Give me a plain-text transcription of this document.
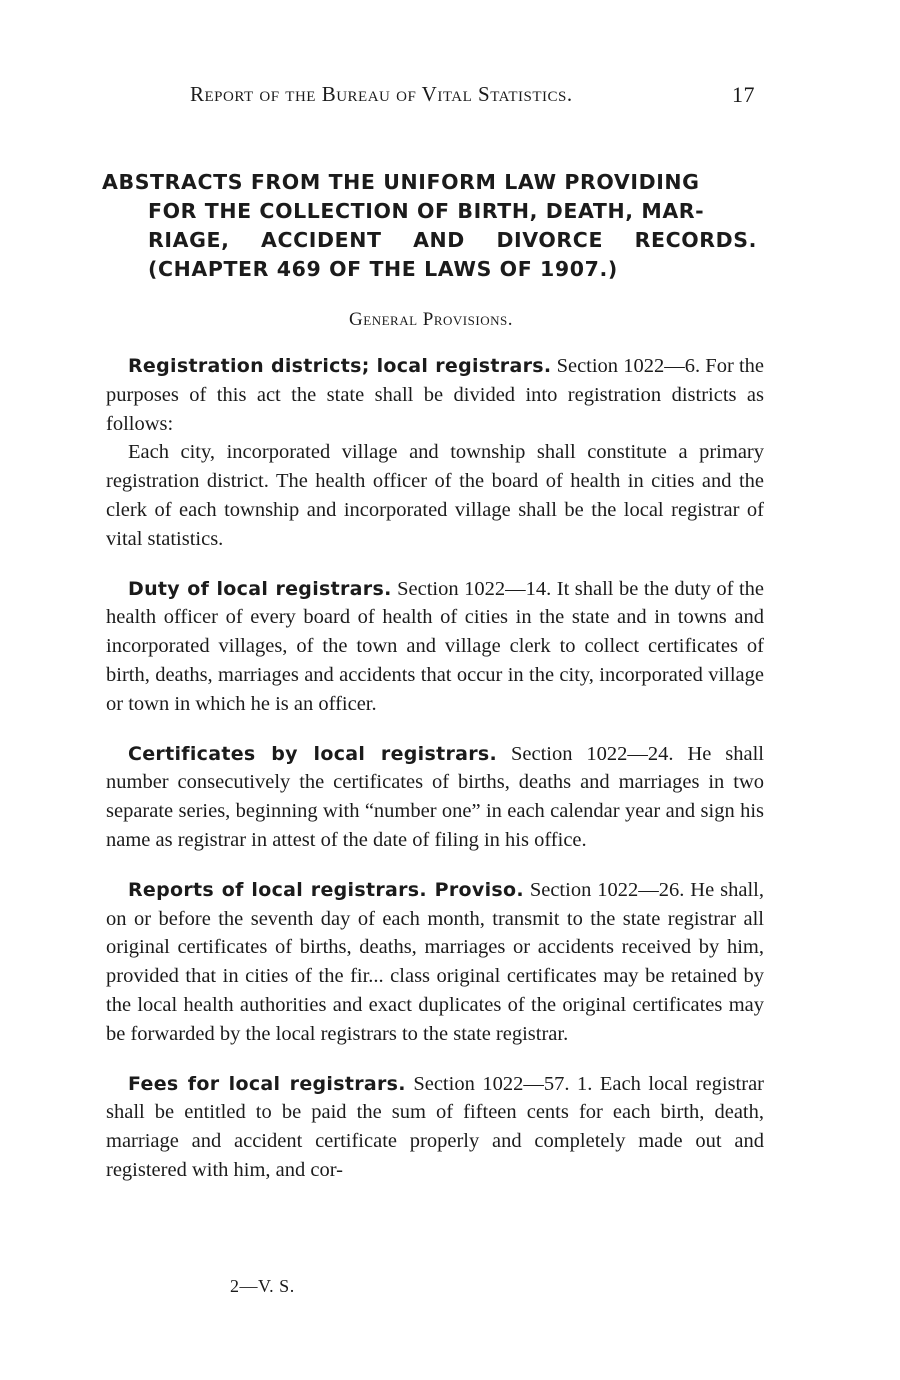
Report of the Bureau of Vital Statistics.	17
ABSTRACTS FROM THE UNIFORM LAW PROVIDING
FOR THE COLLECTION OF BIRTH, DEATH, MAR-
RIAGE, ACCIDENT AND DIVORCE RECORDS.
(CHAPTER 469 OF THE LAWS OF 1907.)
General Provisions.

Registration districts; local registrars. Section 1022—6. For the purposes of this act the state shall be divided into registration districts as follows:

Each city, incorporated village and township shall constitute a primary registration district. The health officer of the board of health in cities and the clerk of each township and incorporated village shall be the local registrar of vital statistics.

Duty of local registrars. Section 1022—14. It shall be the duty of the health officer of every board of health of cities in the state and in towns and incorporated villages, of the town and village clerk to collect certificates of birth, deaths, marriages and accidents that occur in the city, incorporated village or town in which he is an officer.

Certificates by local registrars. Section 1022—24. He shall number consecutively the certificates of births, deaths and marriages in two separate series, beginning with “number one” in each calendar year and sign his name as registrar in attest of the date of filing in his office.

Reports of local registrars. Proviso. Section 1022—26. He shall, on or before the seventh day of each month, transmit to the state registrar all original certificates of births, deaths, marriages or accidents received by him, provided that in cities of the fir... class original certificates may be retained by the local health authorities and exact duplicates of the original certificates may be forwarded by the local registrars to the state registrar.

Fees for local registrars. Section 1022—57. 1. Each local registrar shall be entitled to be paid the sum of fifteen cents for each birth, death, marriage and accident certificate properly and completely made out and registered with him, and cor-

2—V. S.
